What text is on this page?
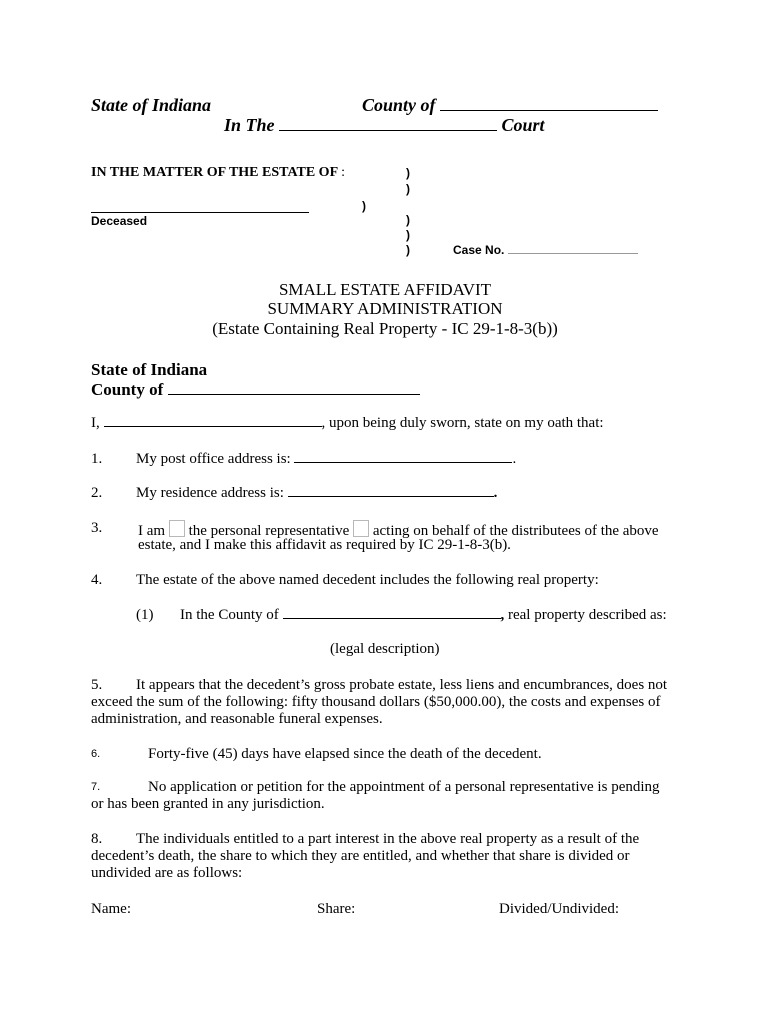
State of Indiana	County of
In The	Court
IN THE MATTER OF THE ESTATE OF :	)
)
)
Deceased	)
)
)	Case No.
SMALL ESTATE AFFIDAVIT
SUMMARY ADMINISTRATION
(Estate Containing Real Property - IC 29-1-8-3(b))
State of Indiana
County of
I,	, upon being duly sworn, state on my oath that:
1. My post office address is:	.
2. My residence address is:	.
3. I am the personal representative acting on behalf of the distributees of the above
estate, and I make this affidavit as required by IC 29-1-8-3(b).
4. The estate of the above named decedent includes the following real property:
(1) In the County of	, real property described as:
(legal description)
5. It appears that the decedent’s gross probate estate, less liens and encumbrances, does not
exceed the sum of the following: fifty thousand dollars ($50,000.00), the costs and expenses of
administration, and reasonable funeral expenses.
6.	Forty-five (45) days have elapsed since the death of the decedent.
7.	No application or petition for the appointment of a personal representative is pending
or has been granted in any jurisdiction.
8. The individuals entitled to a part interest in the above real property as a result of the
decedent’s death, the share to which they are entitled, and whether that share is divided or
undivided are as follows:
Name:	Share:	Divided/Undivided:
